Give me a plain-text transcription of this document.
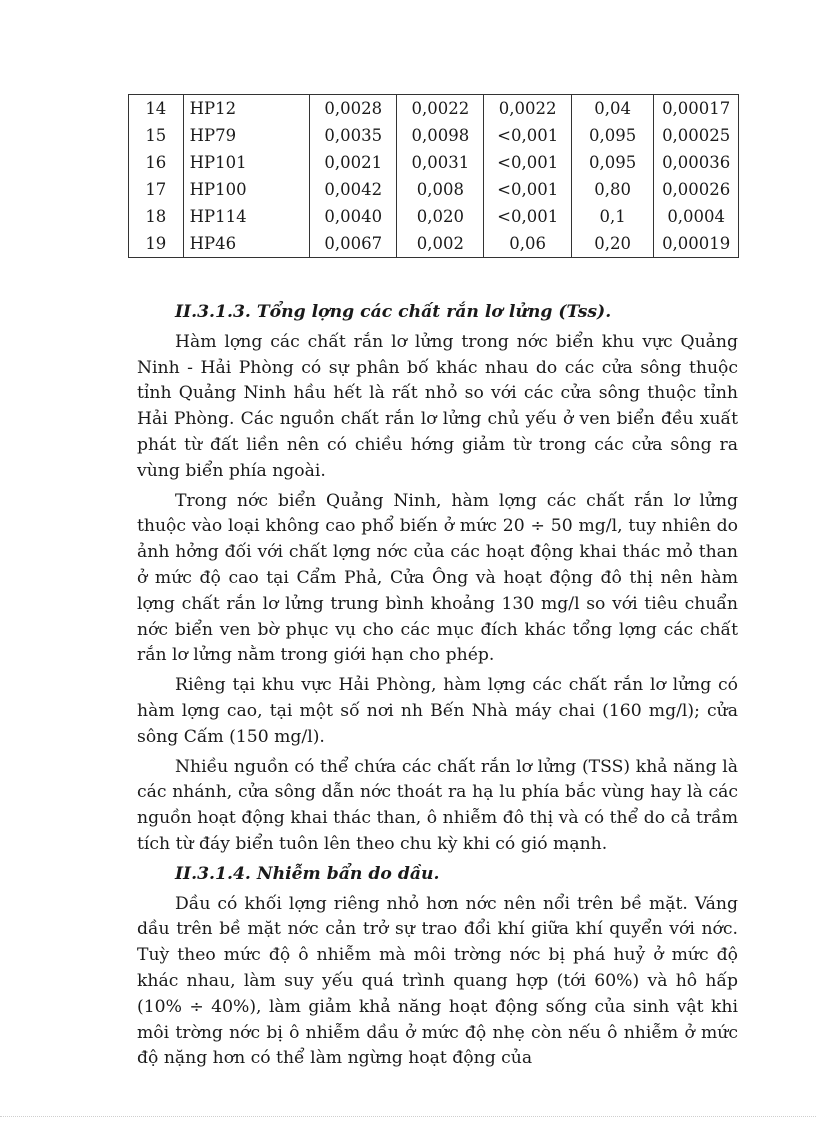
14	HP12	0,0028	0,0022	0,0022	0,04	0,00017
15	HP79	0,0035	0,0098	<0,001	0,095	0,00025
16	HP101	0,0021	0,0031	<0,001	0,095	0,00036
17	HP100	0,0042	0,008	<0,001	0,80	0,00026
18	HP114	0,0040	0,020	<0,001	0,1	0,0004
19	HP46	0,0067	0,002	0,06	0,20	0,00019

II.3.1.3. Tổng lợng các chất rắn lơ lửng (Tss).

Hàm lợng các chất rắn lơ lửng trong nớc biển khu vực Quảng Ninh - Hải Phòng có sự phân bố khác nhau do các cửa sông thuộc tỉnh Quảng Ninh hầu hết là rất nhỏ so với các cửa sông thuộc tỉnh Hải Phòng. Các nguồn chất rắn lơ lửng chủ yếu ở ven biển đều xuất phát từ đất liền nên có chiều hớng giảm từ trong các cửa sông ra vùng biển phía ngoài.

Trong nớc biển Quảng Ninh, hàm lợng các chất rắn lơ lửng thuộc vào loại không cao phổ biến ở mức 20 ÷ 50 mg/l, tuy nhiên do ảnh hởng đối với chất lợng nớc của các hoạt động khai thác mỏ than ở mức độ cao tại Cẩm Phả, Cửa Ông và hoạt động đô thị nên hàm lợng chất rắn lơ lửng trung bình khoảng 130 mg/l so với tiêu chuẩn nớc biển ven bờ phục vụ cho các mục đích khác tổng lợng các chất rắn lơ lửng nằm trong giới hạn cho phép.

Riêng tại khu vực Hải Phòng, hàm lợng các chất rắn lơ lửng có hàm lợng cao, tại một số nơi nh Bến Nhà máy chai (160 mg/l); cửa sông Cấm (150 mg/l).

Nhiều nguồn có thể chứa các chất rắn lơ lửng (TSS) khả năng là các nhánh, cửa sông dẫn nớc thoát ra hạ lu phía bắc vùng hay là các nguồn hoạt động khai thác than, ô nhiễm đô thị và có thể do cả trầm tích từ đáy biển tuôn lên theo chu kỳ khi có gió mạnh.

II.3.1.4. Nhiễm bẩn do dầu.

Dầu có khối lợng riêng nhỏ hơn nớc nên nổi trên bề mặt. Váng dầu trên bề mặt nớc cản trở sự trao đổi khí giữa khí quyển với nớc. Tuỳ theo mức độ ô nhiễm mà môi trờng nớc bị phá huỷ ở mức độ khác nhau, làm suy yếu quá trình quang hợp (tới 60%) và hô hấp (10% ÷ 40%), làm giảm khả năng hoạt động sống của sinh vật khi môi trờng nớc bị ô nhiễm dầu ở mức độ nhẹ còn nếu ô nhiễm ở mức độ nặng hơn có thể làm ngừng hoạt động của
